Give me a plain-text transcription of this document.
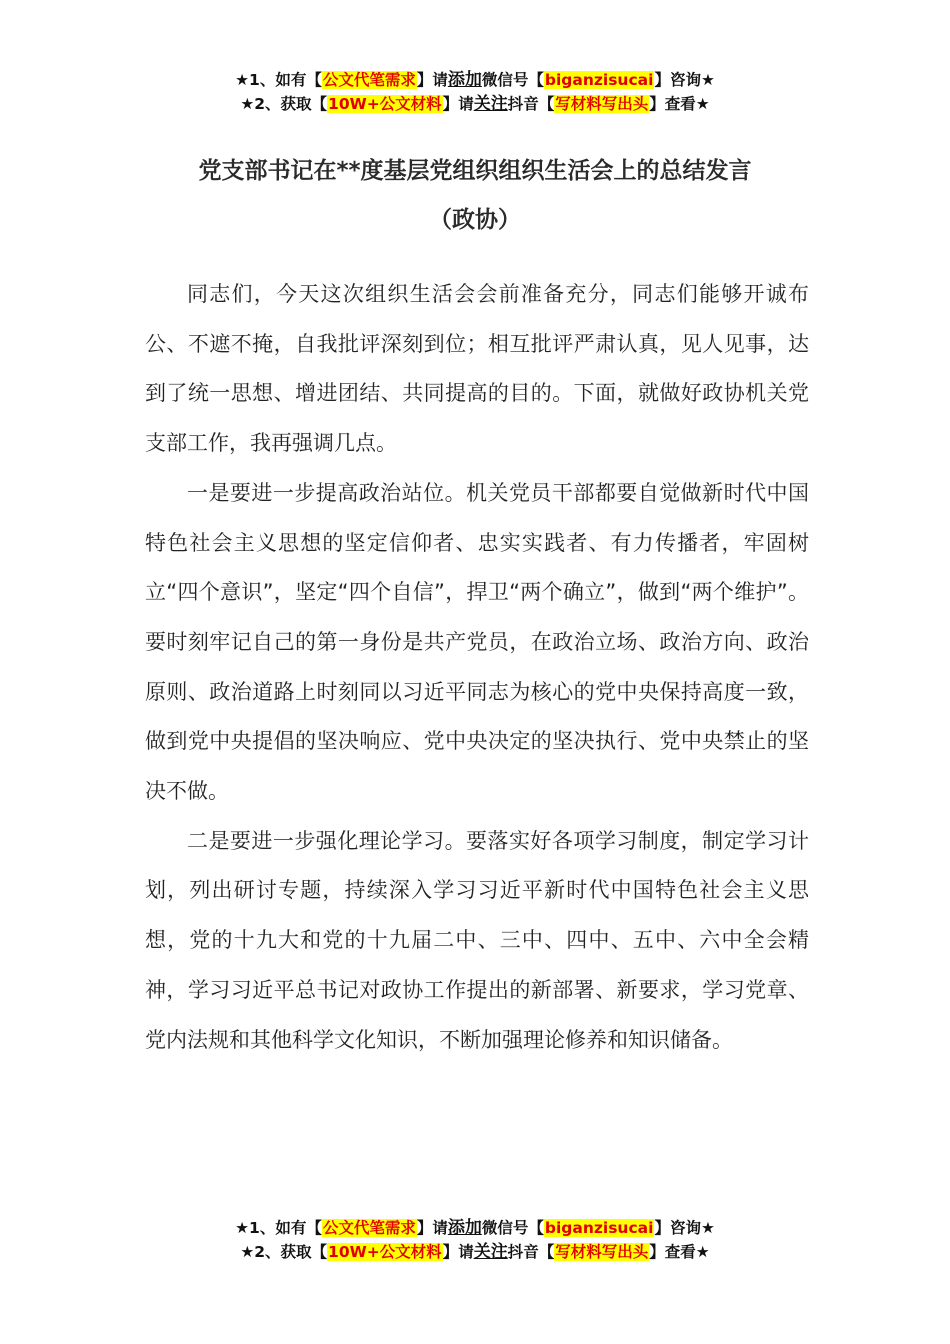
★1、如有【公文代笔需求】请添加微信号【biganzisucai】咨询★
★2、获取【10W+公文材料】请关注抖音【写材料写出头】查看★
党支部书记在**度基层党组织组织生活会上的总结发言
（政协）

同志们，今天这次组织生活会会前准备充分，同志们能够开诚布公、不遮不掩，自我批评深刻到位；相互批评严肃认真，见人见事，达到了统一思想、增进团结、共同提高的目的。下面，就做好政协机关党支部工作，我再强调几点。

一是要进一步提高政治站位。机关党员干部都要自觉做新时代中国特色社会主义思想的坚定信仰者、忠实实践者、有力传播者，牢固树立“四个意识”，坚定“四个自信”，捍卫“两个确立”，做到“两个维护”。要时刻牢记自己的第一身份是共产党员，在政治立场、政治方向、政治原则、政治道路上时刻同以习近平同志为核心的党中央保持高度一致，做到党中央提倡的坚决响应、党中央决定的坚决执行、党中央禁止的坚决不做。

二是要进一步强化理论学习。要落实好各项学习制度，制定学习计划，列出研讨专题，持续深入学习习近平新时代中国特色社会主义思想，党的十九大和党的十九届二中、三中、四中、五中、六中全会精神，学习习近平总书记对政协工作提出的新部署、新要求，学习党章、党内法规和其他科学文化知识，不断加强理论修养和知识储备。

★1、如有【公文代笔需求】请添加微信号【biganzisucai】咨询★
★2、获取【10W+公文材料】请关注抖音【写材料写出头】查看★
